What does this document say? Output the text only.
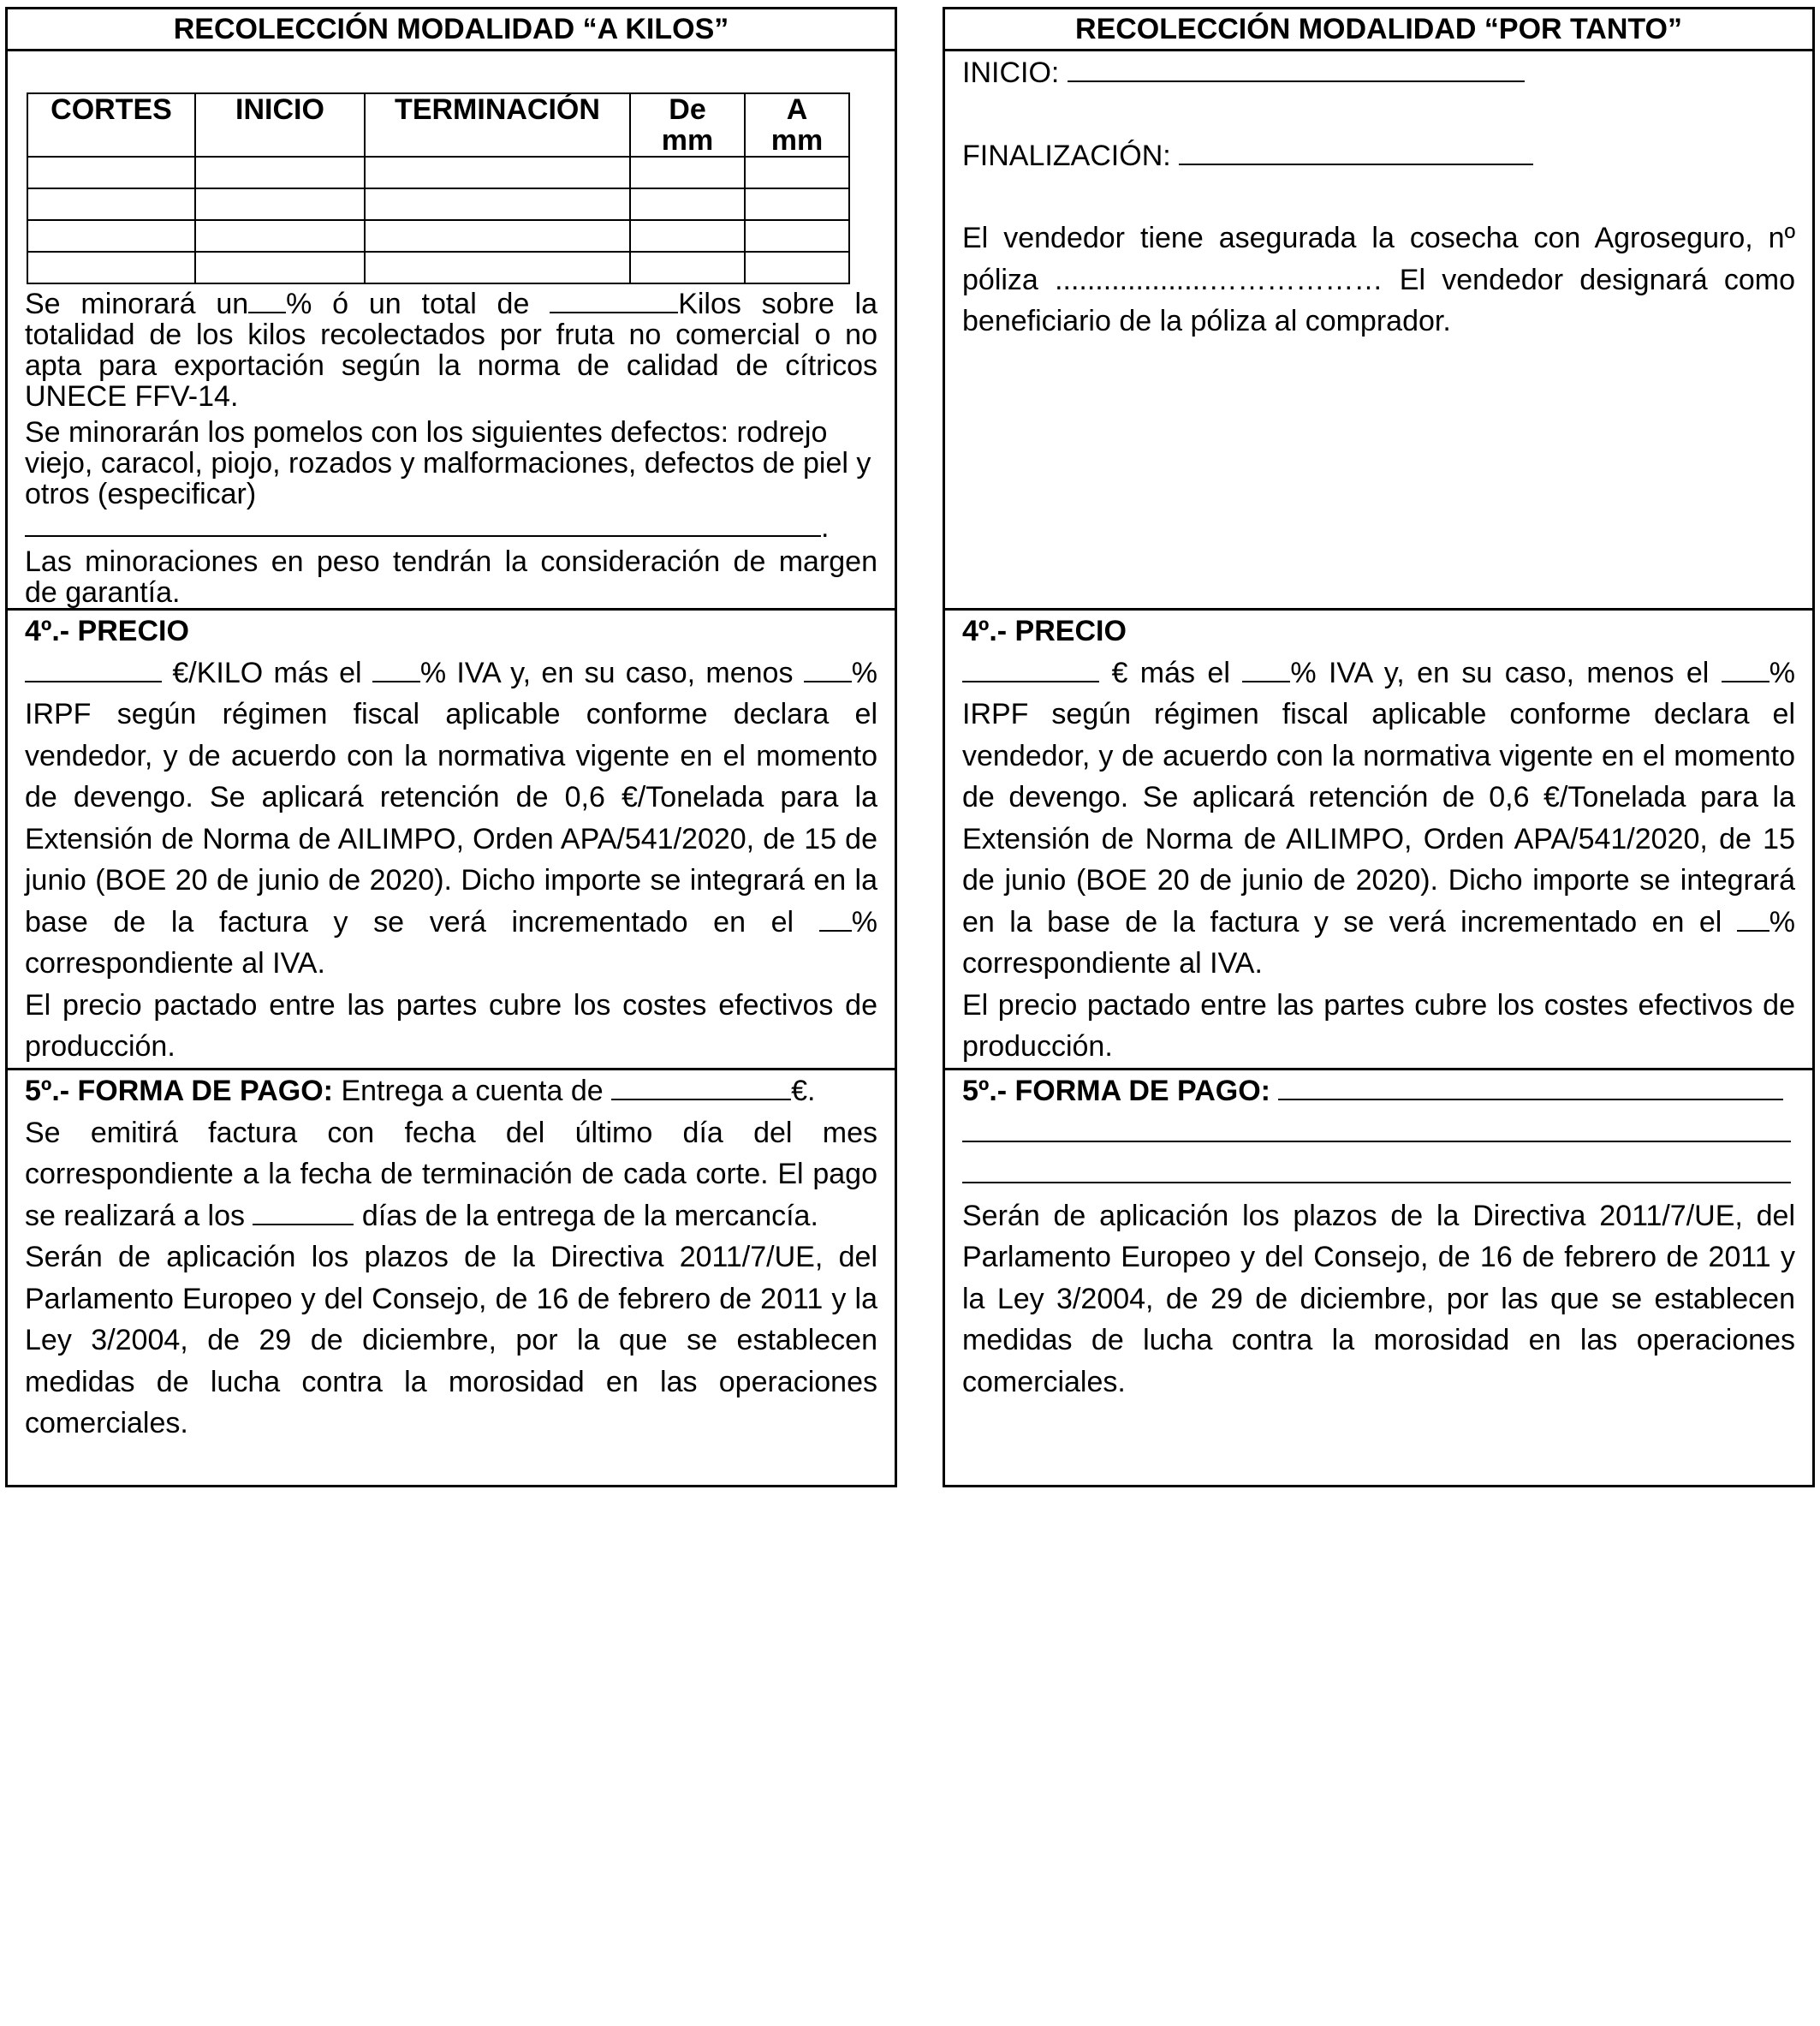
RECOLECCIÓN MODALIDAD “A KILOS”
CORTES	INICIO	TERMINACIÓN	De mm	A mm

Se minorará un % ó un total de	Kilos sobre la totalidad de los kilos recolectados por fruta no comercial o no apta para exportación según la norma de calidad de cítricos UNECE FFV-14.
Se minorarán los pomelos con los siguientes defectos: rodrejo viejo, caracol, piojo, rozados y malformaciones, defectos de piel y otros (especificar)
.
Las minoraciones en peso tendrán la consideración de margen de garantía.
4º.- PRECIO
€/KILO más el % IVA y, en su caso, menos % IRPF según régimen fiscal aplicable conforme declara el vendedor, y de acuerdo con la normativa vigente en el momento de devengo. Se aplicará retención de 0,6 €/Tonelada para la Extensión de Norma de AILIMPO, Orden APA/541/2020, de 15 de junio (BOE 20 de junio de 2020). Dicho importe se integrará en la base de la factura y se verá incrementado en el % correspondiente al IVA.
El precio pactado entre las partes cubre los costes efectivos de producción.
5º.- FORMA DE PAGO: Entrega a cuenta de	€.
Se emitirá factura con fecha del último día del mes correspondiente a la fecha de terminación de cada corte. El pago se realizará a los	días de la entrega de la mercancía.
Serán de aplicación los plazos de la Directiva 2011/7/UE, del Parlamento Europeo y del Consejo, de 16 de febrero de 2011 y la Ley 3/2004, de 29 de diciembre, por la que se establecen medidas de lucha contra la morosidad en las operaciones comerciales.
RECOLECCIÓN MODALIDAD “POR TANTO”
INICIO:
FINALIZACIÓN:
El vendedor tiene asegurada la cosecha con Agroseguro, nº póliza ...................……………… El vendedor designará como beneficiario de la póliza al comprador.
4º.- PRECIO
€ más el % IVA y, en su caso, menos el % IRPF según régimen fiscal aplicable conforme declara el vendedor, y de acuerdo con la normativa vigente en el momento de devengo. Se aplicará retención de 0,6 €/Tonelada para la Extensión de Norma de AILIMPO, Orden APA/541/2020, de 15 de junio (BOE 20 de junio de 2020). Dicho importe se integrará en la base de la factura y se verá incrementado en el % correspondiente al IVA.
El precio pactado entre las partes cubre los costes efectivos de producción.
5º.- FORMA DE PAGO:

Serán de aplicación los plazos de la Directiva 2011/7/UE, del Parlamento Europeo y del Consejo, de 16 de febrero de 2011 y la Ley 3/2004, de 29 de diciembre, por las que se establecen medidas de lucha contra la morosidad en las operaciones comerciales.
